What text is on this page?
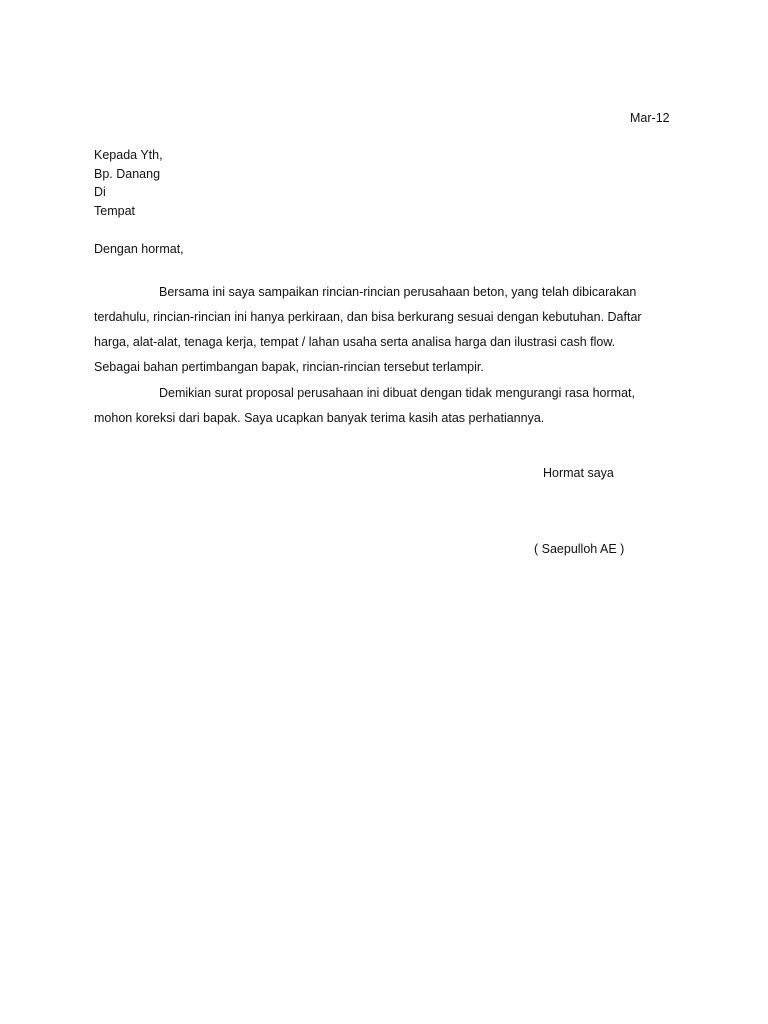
Mar-12
Kepada Yth,
Bp. Danang
Di
Tempat
Dengan hormat,
Bersama ini saya sampaikan rincian-rincian perusahaan beton, yang telah dibicarakan
terdahulu, rincian-rincian ini hanya perkiraan, dan bisa berkurang sesuai dengan kebutuhan. Daftar
harga, alat-alat, tenaga kerja, tempat / lahan usaha serta analisa harga dan ilustrasi cash flow.
Sebagai bahan pertimbangan bapak, rincian-rincian tersebut terlampir.
Demikian surat proposal perusahaan ini dibuat dengan tidak mengurangi rasa hormat,
mohon koreksi dari bapak. Saya ucapkan banyak terima kasih atas perhatiannya.
Hormat saya
( Saepulloh AE )
